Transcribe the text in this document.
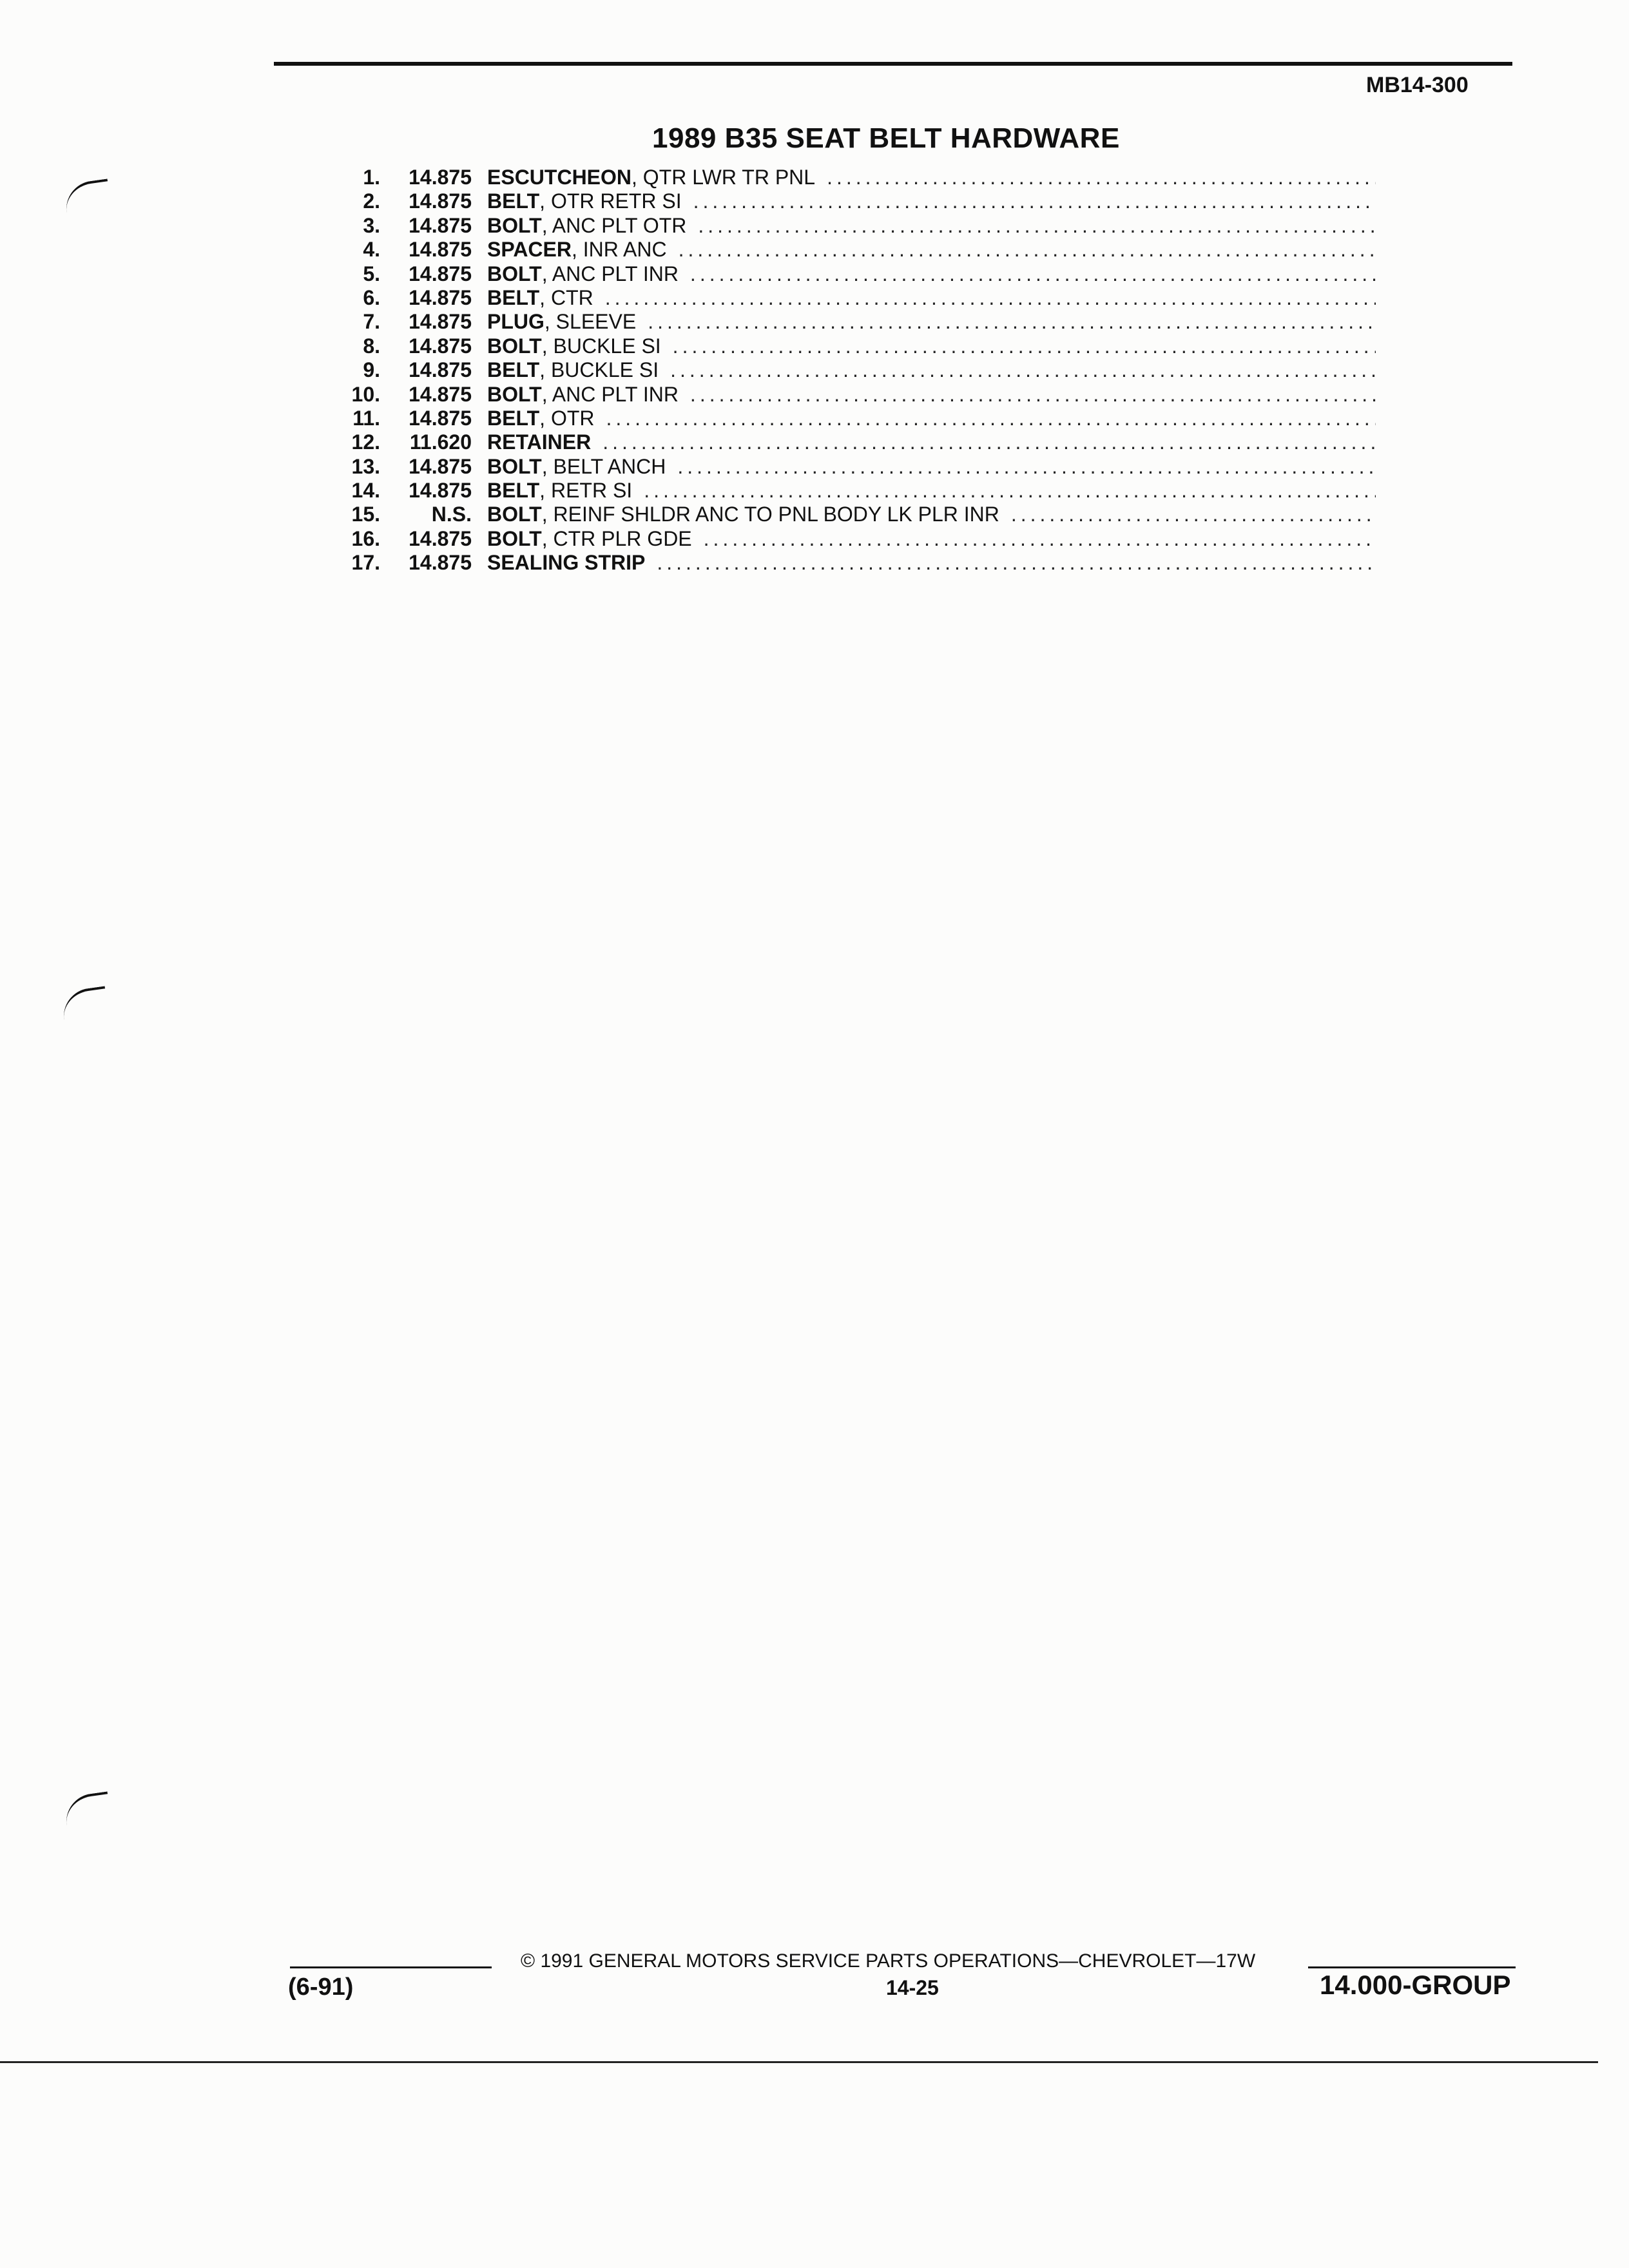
MB14-300
1989 B35 SEAT BELT HARDWARE
1.	14.875 ESCUTCHEON , QTR LWR TR PNL
.....
2.	14.875 BELT , OTR RETR SI
.....
3.	14.875 BOLT , ANC PLT OTR
.....
4.	14.875 SPACER , INR ANC
.....
5.	14.875 BOLT , ANC PLT INR
.....
6.	14.875 BELT , CTR
.....
7.	14.875 PLUG , SLEEVE
.....
8.	14.875 BOLT , BUCKLE SI
.....
9.	14.875 BELT , BUCKLE SI
.....
10.	14.875 BOLT , ANC PLT INR
.....
11.	14.875 BELT , OTR
.....
12.	11.620 RETAINER
.....
13.	14.875 BOLT , BELT ANCH
.....
14.	14.875 BELT , RETR SI
.....
15.	N.S. BOLT , REINF SHLDR ANC TO PNL BODY LK PLR INR
.....
16.	14.875 BOLT , CTR PLR GDE
.....
17.	14.875 SEALING STRIP
.....
© 1991 GENERAL MOTORS SERVICE PARTS OPERATIONS—CHEVROLET—17W
14-25
(6-91)	14.000-GROUP
